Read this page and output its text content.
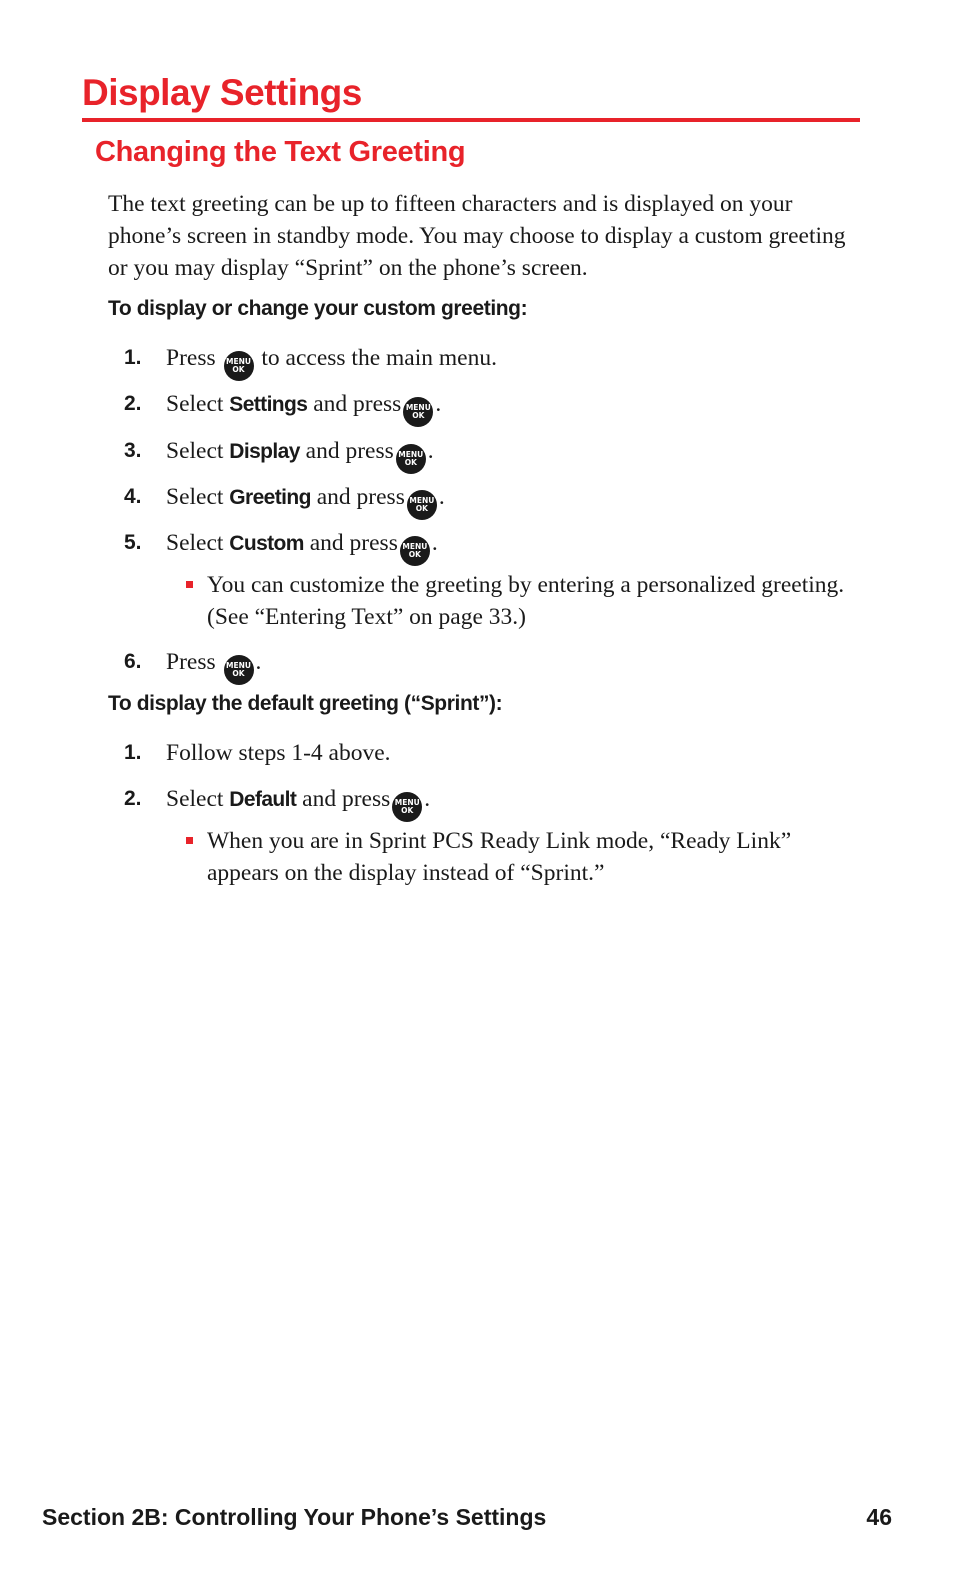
Display Settings
Changing the Text Greeting

The text greeting can be up to fifteen characters and is displayed on your phone’s screen in standby mode. You may choose to display a custom greeting or you may display “Sprint” on the phone’s screen.

To display or change your custom greeting:
1. Press	MENU
OK to access the main menu.
2. Select Settings and press MENU
OK .
3. Select Display and press MENU
OK .
4. Select Greeting and press MENU
OK .
5. Select Custom and press MENU
OK .
You can customize the greeting by entering a personalized greeting. (See “Entering Text” on page 33.)
6. Press	MENU
OK .
To display the default greeting (“Sprint”):
1. Follow steps 1-4 above.
2. Select Default and press MENU
OK .
When you are in Sprint PCS Ready Link mode, “Ready Link” appears on the display instead of “Sprint.”
Section 2B: Controlling Your Phone’s Settings	46
